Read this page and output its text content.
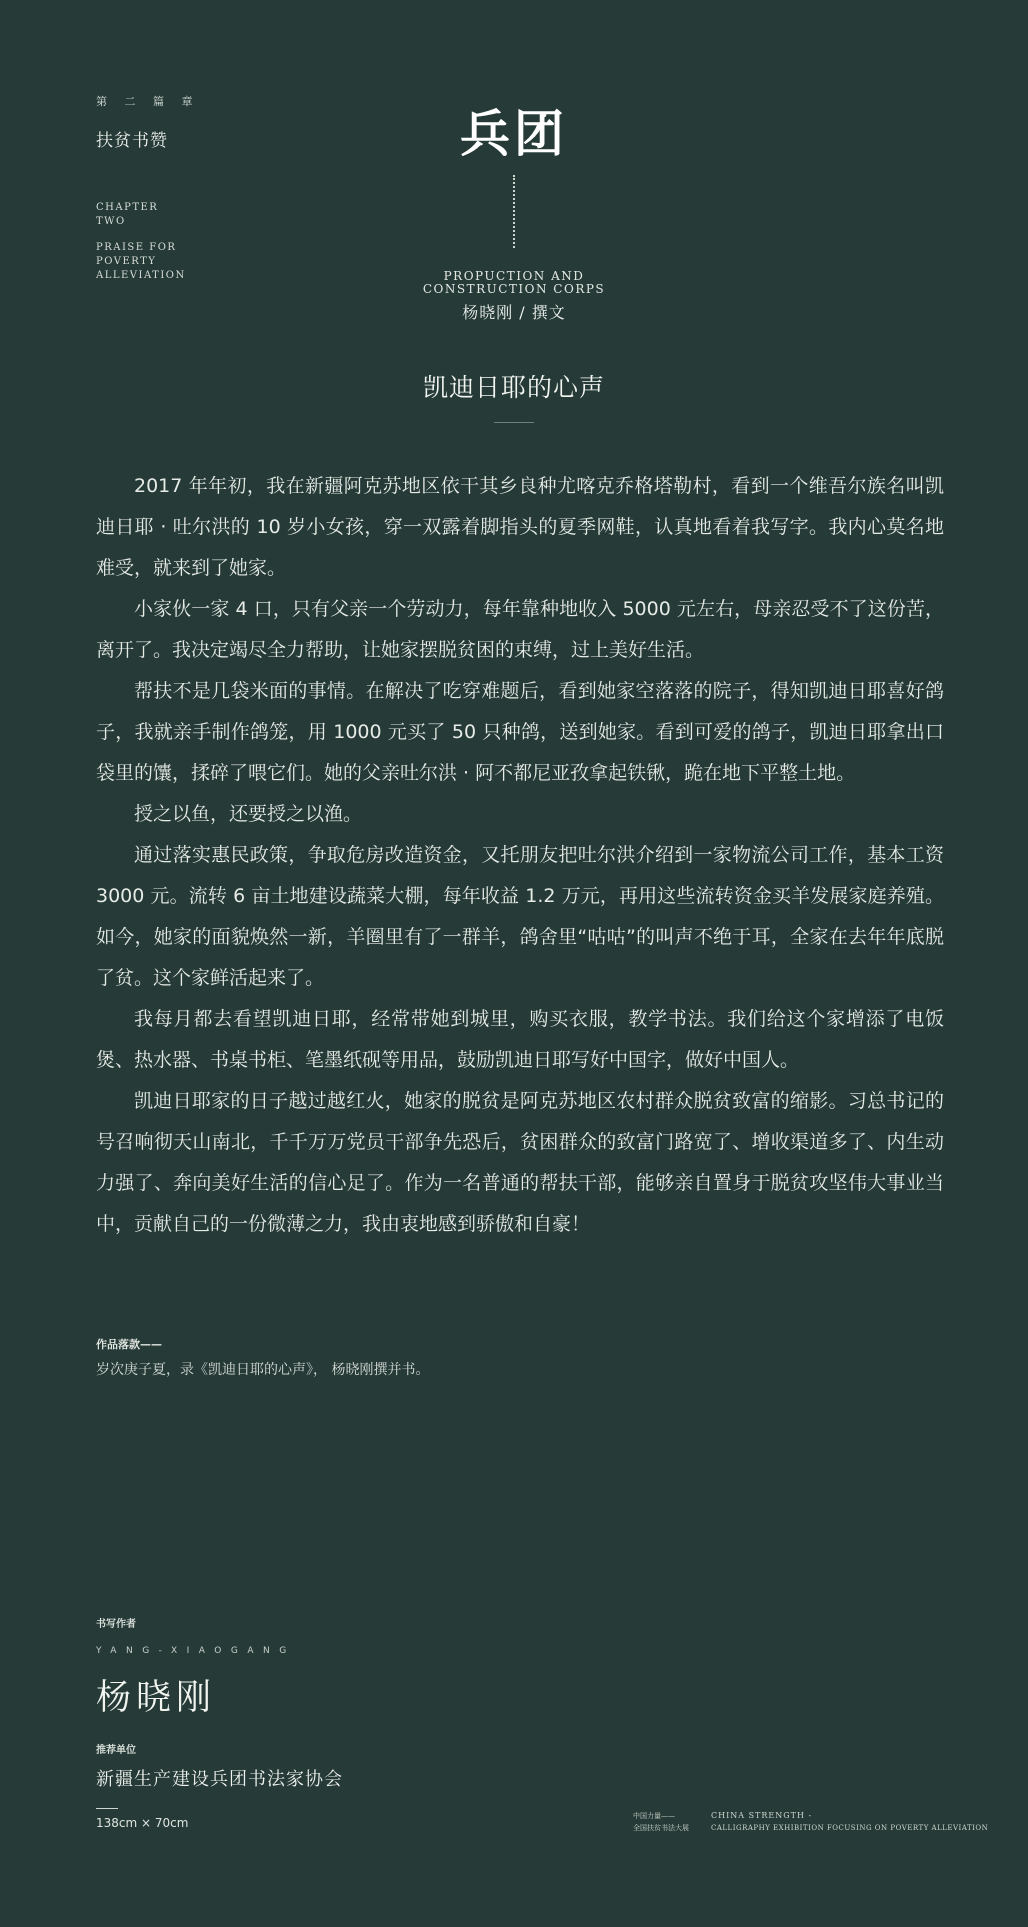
第 二 篇 章
扶贫书赞
CHAPTER
TWO
PRAISE FOR
POVERTY
ALLEVIATION
兵团
PROPUCTION AND
CONSTRUCTION CORPS
杨晓刚 / 撰文
凯迪日耶的心声

2017 年年初，我在新疆阿克苏地区依干其乡良种尤喀克乔格塔勒村，看到一个维吾尔族名叫凯迪日耶 · 吐尔洪的 10 岁小女孩，穿一双露着脚指头的夏季网鞋，认真地看着我写字。我内心莫名地难受，就来到了她家。

小家伙一家 4 口，只有父亲一个劳动力，每年靠种地收入 5000 元左右，母亲忍受不了这份苦，离开了。我决定竭尽全力帮助，让她家摆脱贫困的束缚，过上美好生活。

帮扶不是几袋米面的事情。在解决了吃穿难题后，看到她家空落落的院子，得知凯迪日耶喜好鸽子，我就亲手制作鸽笼，用 1000 元买了 50 只种鸽，送到她家。看到可爱的鸽子，凯迪日耶拿出口袋里的馕，揉碎了喂它们。她的父亲吐尔洪 · 阿不都尼亚孜拿起铁锹，跪在地下平整土地。

授之以鱼，还要授之以渔。

通过落实惠民政策，争取危房改造资金，又托朋友把吐尔洪介绍到一家物流公司工作，基本工资 3000 元。流转 6 亩土地建设蔬菜大棚，每年收益 1.2 万元，再用这些流转资金买羊发展家庭养殖。如今，她家的面貌焕然一新，羊圈里有了一群羊，鸽舍里“咕咕”的叫声不绝于耳，全家在去年年底脱了贫。这个家鲜活起来了。

我每月都去看望凯迪日耶，经常带她到城里，购买衣服，教学书法。我们给这个家增添了电饭煲、热水器、书桌书柜、笔墨纸砚等用品，鼓励凯迪日耶写好中国字，做好中国人。

凯迪日耶家的日子越过越红火，她家的脱贫是阿克苏地区农村群众脱贫致富的缩影。习总书记的号召响彻天山南北，千千万万党员干部争先恐后，贫困群众的致富门路宽了、增收渠道多了、内生动力强了、奔向美好生活的信心足了。作为一名普通的帮扶干部，能够亲自置身于脱贫攻坚伟大事业当中，贡献自己的一份微薄之力，我由衷地感到骄傲和自豪！

作品落款——
岁次庚子夏，录《凯迪日耶的心声》， 杨晓刚撰并书。
书写作者
YANG-XIAOGANG
杨晓刚
推荐单位
新疆生产建设兵团书法家协会
138cm × 70cm	中国力量——
全国扶贫书法大展
CHINA STRENGTH -
CALLIGRAPHY EXHIBITION FOCUSING ON POVERTY ALLEVIATION
